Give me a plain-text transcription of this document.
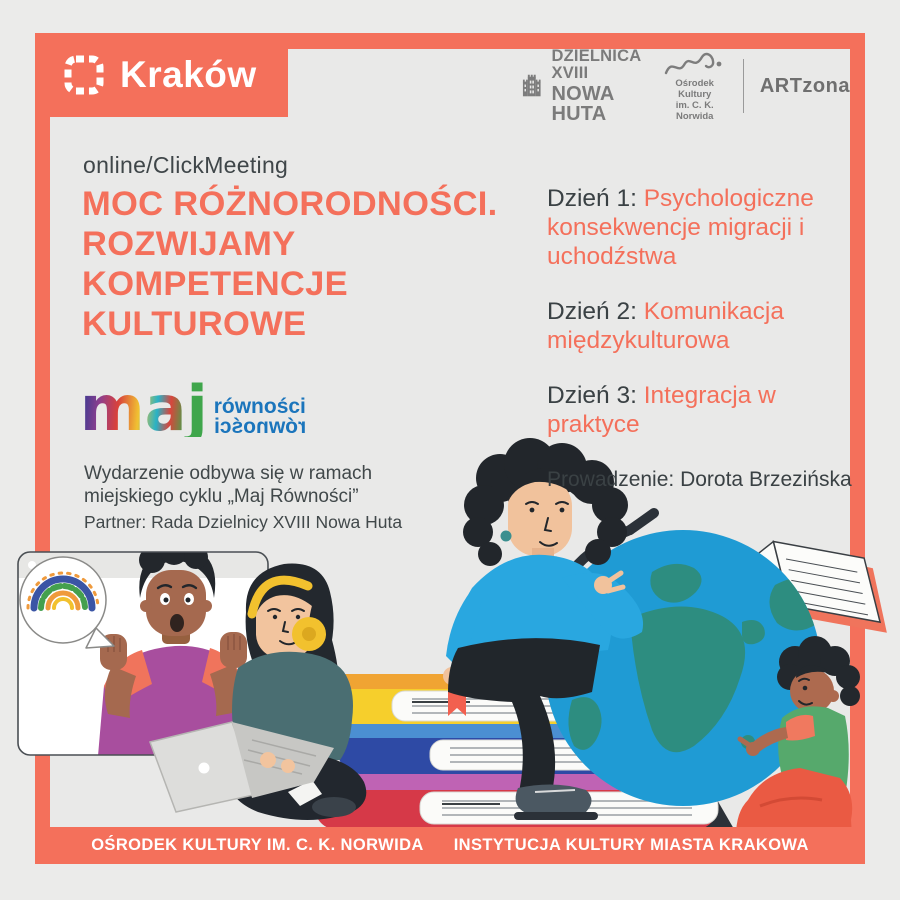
Kraków	DZIELNICA XVIII
NOWA HUTA
Ośrodek Kultury
im. C. K. Norwida
ARTzona
online/ClickMeeting
MOC RÓŻNORODNOŚCI.
ROZWIJAMY
KOMPETENCJE
KULTUROWE
maj równości
równości
Wydarzenie odbywa się w ramach
miejskiego cyklu „Maj Równości”
Partner: Rada Dzielnicy XVIII Nowa Huta
Dzień 1: Psychologiczne konsekwencje migracji i uchodźstwa
Dzień 2: Komunikacja międzykulturowa
Dzień 3: Integracja w praktyce
Prowadzenie: Dorota Brzezińska
OŚRODEK KULTURY IM. C. K. NORWIDA INSTYTUCJA KULTURY MIASTA KRAKOWA
